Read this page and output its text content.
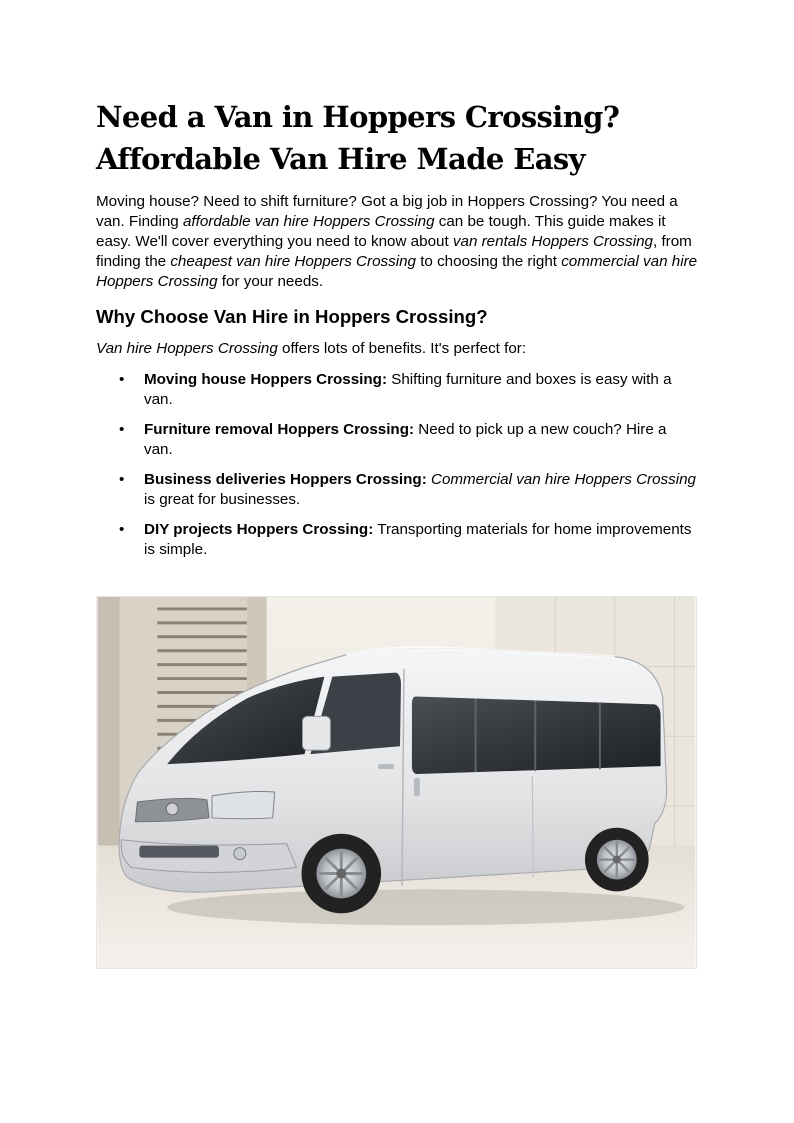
Need a Van in Hoppers Crossing?
Affordable Van Hire Made Easy

Moving house? Need to shift furniture? Got a big job in Hoppers Crossing? You need a van. Finding affordable van hire Hoppers Crossing can be tough. This guide makes it easy. We'll cover everything you need to know about van rentals Hoppers Crossing, from finding the cheapest van hire Hoppers Crossing to choosing the right commercial van hire Hoppers Crossing for your needs.

Why Choose Van Hire in Hoppers Crossing?

Van hire Hoppers Crossing offers lots of benefits. It's perfect for:

• Moving house Hoppers Crossing: Shifting furniture and boxes is easy with a van.
• Furniture removal Hoppers Crossing: Need to pick up a new couch? Hire a van.
• Business deliveries Hoppers Crossing: Commercial van hire Hoppers Crossing is great for businesses.
• DIY projects Hoppers Crossing: Transporting materials for home improvements is simple.
